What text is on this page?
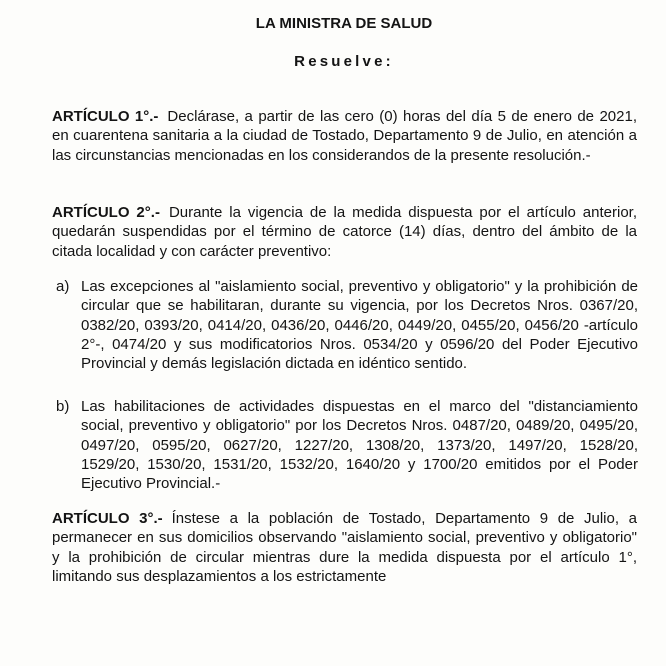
LA MINISTRA DE SALUD
Resuelve:
ARTÍCULO 1°.- Declárase, a partir de las cero (0) horas del día 5 de enero de 2021, en cuarentena sanitaria a la ciudad de Tostado, Departamento 9 de Julio, en atención a las circunstancias mencionadas en los considerandos de la presente resolución.-
ARTÍCULO 2°.- Durante la vigencia de la medida dispuesta por el artículo anterior, quedarán suspendidas por el término de catorce (14) días, dentro del ámbito de la citada localidad y con carácter preventivo:
a) Las excepciones al "aislamiento social, preventivo y obligatorio" y la prohibición de circular que se habilitaran, durante su vigencia, por los Decretos Nros. 0367/20, 0382/20, 0393/20, 0414/20, 0436/20, 0446/20, 0449/20, 0455/20, 0456/20 -artículo 2°-, 0474/20 y sus modificatorios Nros. 0534/20 y 0596/20 del Poder Ejecutivo Provincial y demás legislación dictada en idéntico sentido.
b) Las habilitaciones de actividades dispuestas en el marco del "distanciamiento social, preventivo y obligatorio" por los Decretos Nros. 0487/20, 0489/20, 0495/20, 0497/20, 0595/20, 0627/20, 1227/20, 1308/20, 1373/20, 1497/20, 1528/20, 1529/20, 1530/20, 1531/20, 1532/20, 1640/20 y 1700/20 emitidos por el Poder Ejecutivo Provincial.-
ARTÍCULO 3°.- Ínstese a la población de Tostado, Departamento 9 de Julio, a permanecer en sus domicilios observando "aislamiento social, preventivo y obligatorio" y la prohibición de circular mientras dure la medida dispuesta por el artículo 1°, limitando sus desplazamientos a los estrictamente
